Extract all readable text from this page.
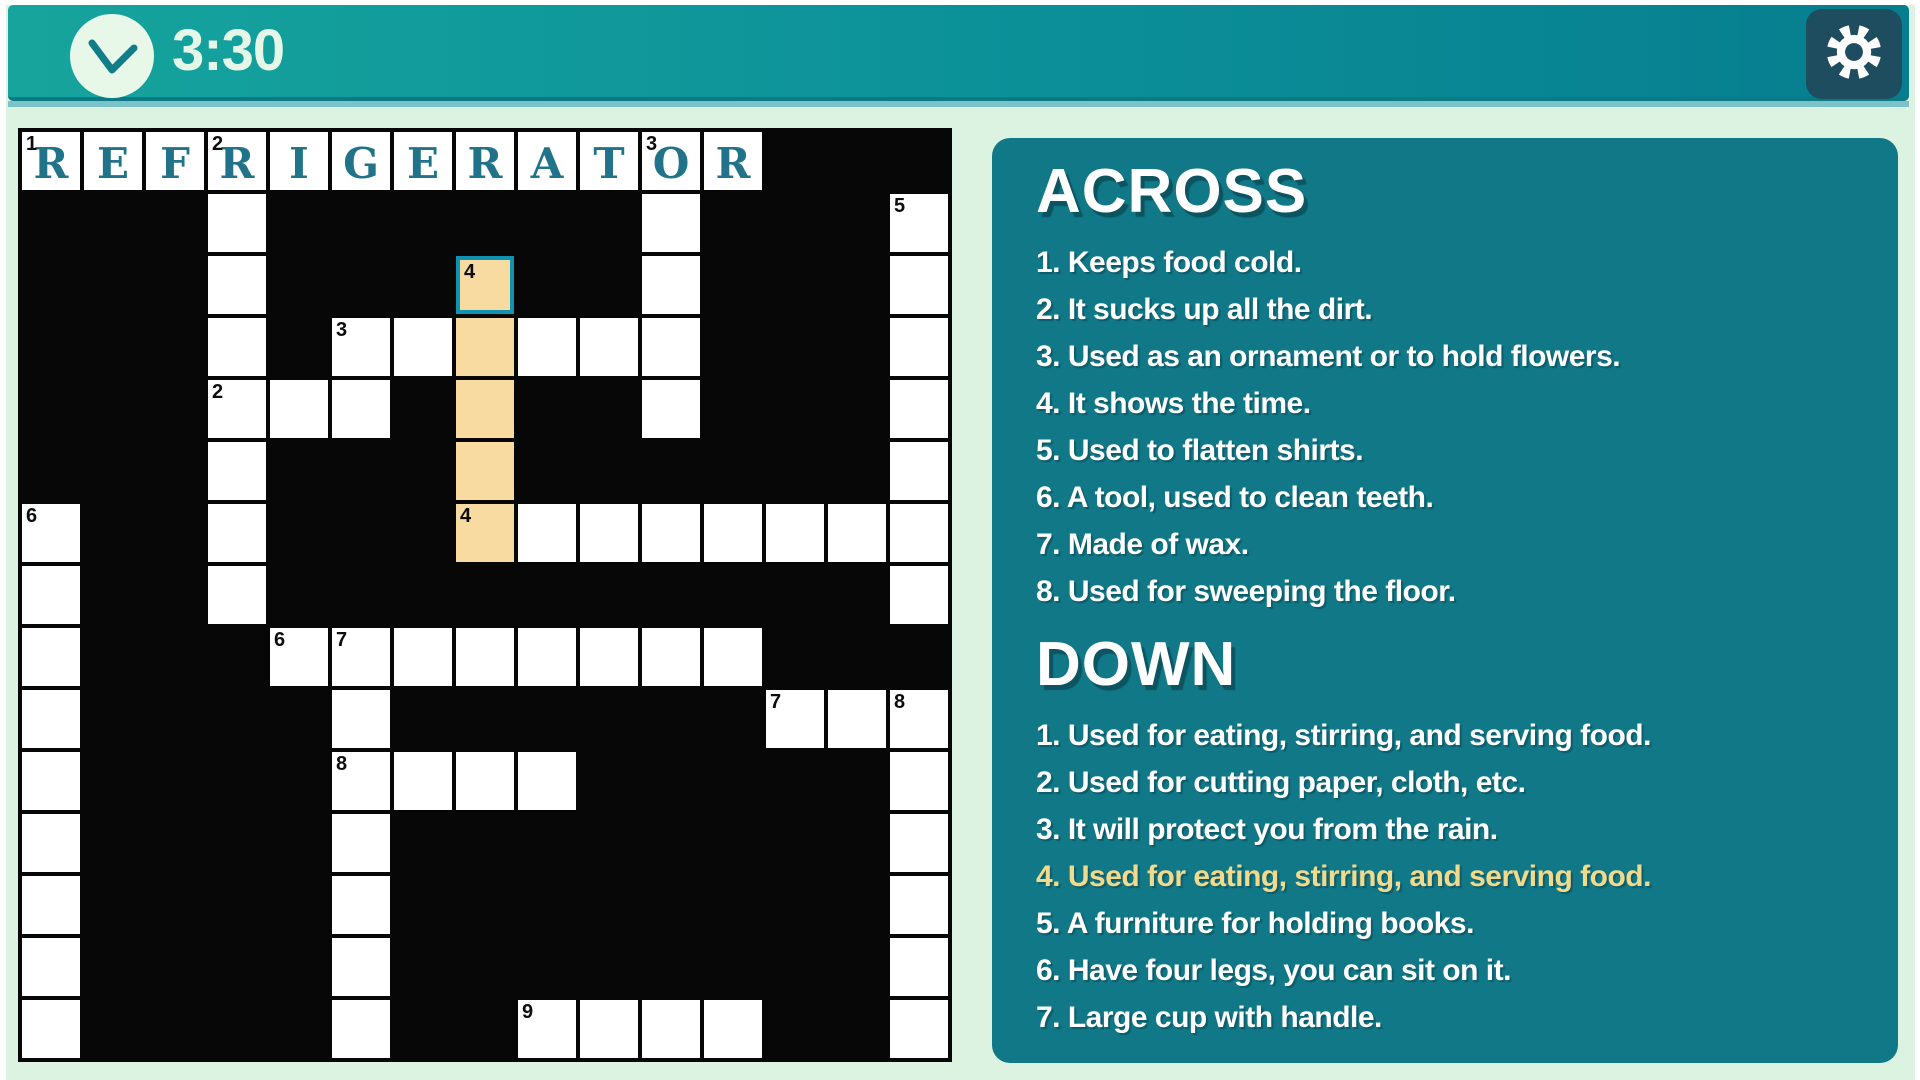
3:30
1
R E F 2
R I G E R A T 3
O R
5
4
3
2
6	4
6	7
7	8
8
9
ACROSS
1. Keeps food cold.
2. It sucks up all the dirt.
3. Used as an ornament or to hold flowers.
4. It shows the time.
5. Used to flatten shirts.
6. A tool, used to clean teeth.
7. Made of wax.
8. Used for sweeping the floor.
DOWN
1. Used for eating, stirring, and serving food.
2. Used for cutting paper, cloth, etc.
3. It will protect you from the rain.
4. Used for eating, stirring, and serving food.
5. A furniture for holding books.
6. Have four legs, you can sit on it.
7. Large cup with handle.
